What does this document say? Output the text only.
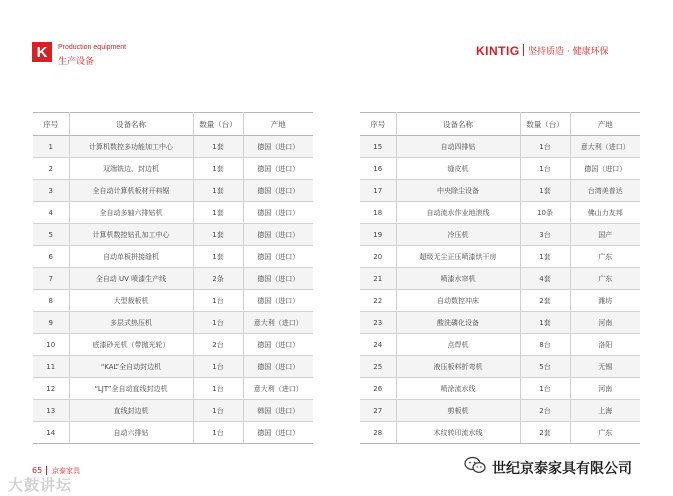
K Production equipment
生产设备
KINTIG 坚持质造 · 健康环保
序号	设备名称	数量（台）	产地
1	计算机数控多功能加工中心	1套	德国（进口）
2	双端铣边、封边机	1套	德国（进口）
3	全自动计算机板材开料锯	1套	德国（进口）
4	全自动多轴六排钻机	1套	德国（进口）
5	计算机数控钻孔加工中心	1套	德国（进口）
6	自动单板拼接缝机	1套	德国（进口）
7	全自动 UV 喷漆生产线	2条	德国（进口）
8	大型裁板机	1台	德国（进口）
9	多层式热压机	1台	意大利（进口）
10	底漆砂光机（带抛光轮）	2台	德国（进口）
11	“KAL”全自动封边机	1台	德国（进口）
12	“LJT”全自动直线封边机	1台	意大利（进口）
13	直线封边机	1台	韩国（进口）
14	自动六排钻	1台	德国（进口）
序号	设备名称	数量（台）	产地
15	自动四排钻	1台	意大利（进口）
16	缝皮机	1台	德国（进口）
17	中央除尘设备	1套	台湾美普达
18	自动流水作业地滚线	10条	佛山力友邦
19	冷压机	3台	国产
20	超级无尘正压喷漆烘干房	1套	广东
21	喷漆水帘机	4套	广东
22	自动数控冲床	2套	潍坊
23	酸洗磷化设备	1套	河南
24	点焊机	8台	洛阳
25	液压板料折弯机	5台	无锡
26	喷涂流水线	1台	河南
27	剪板机	2台	上海
28	木纹转印流水线	2套	广东
65 京泰家具
大鼓讲坛
世纪京泰家具有限公司
